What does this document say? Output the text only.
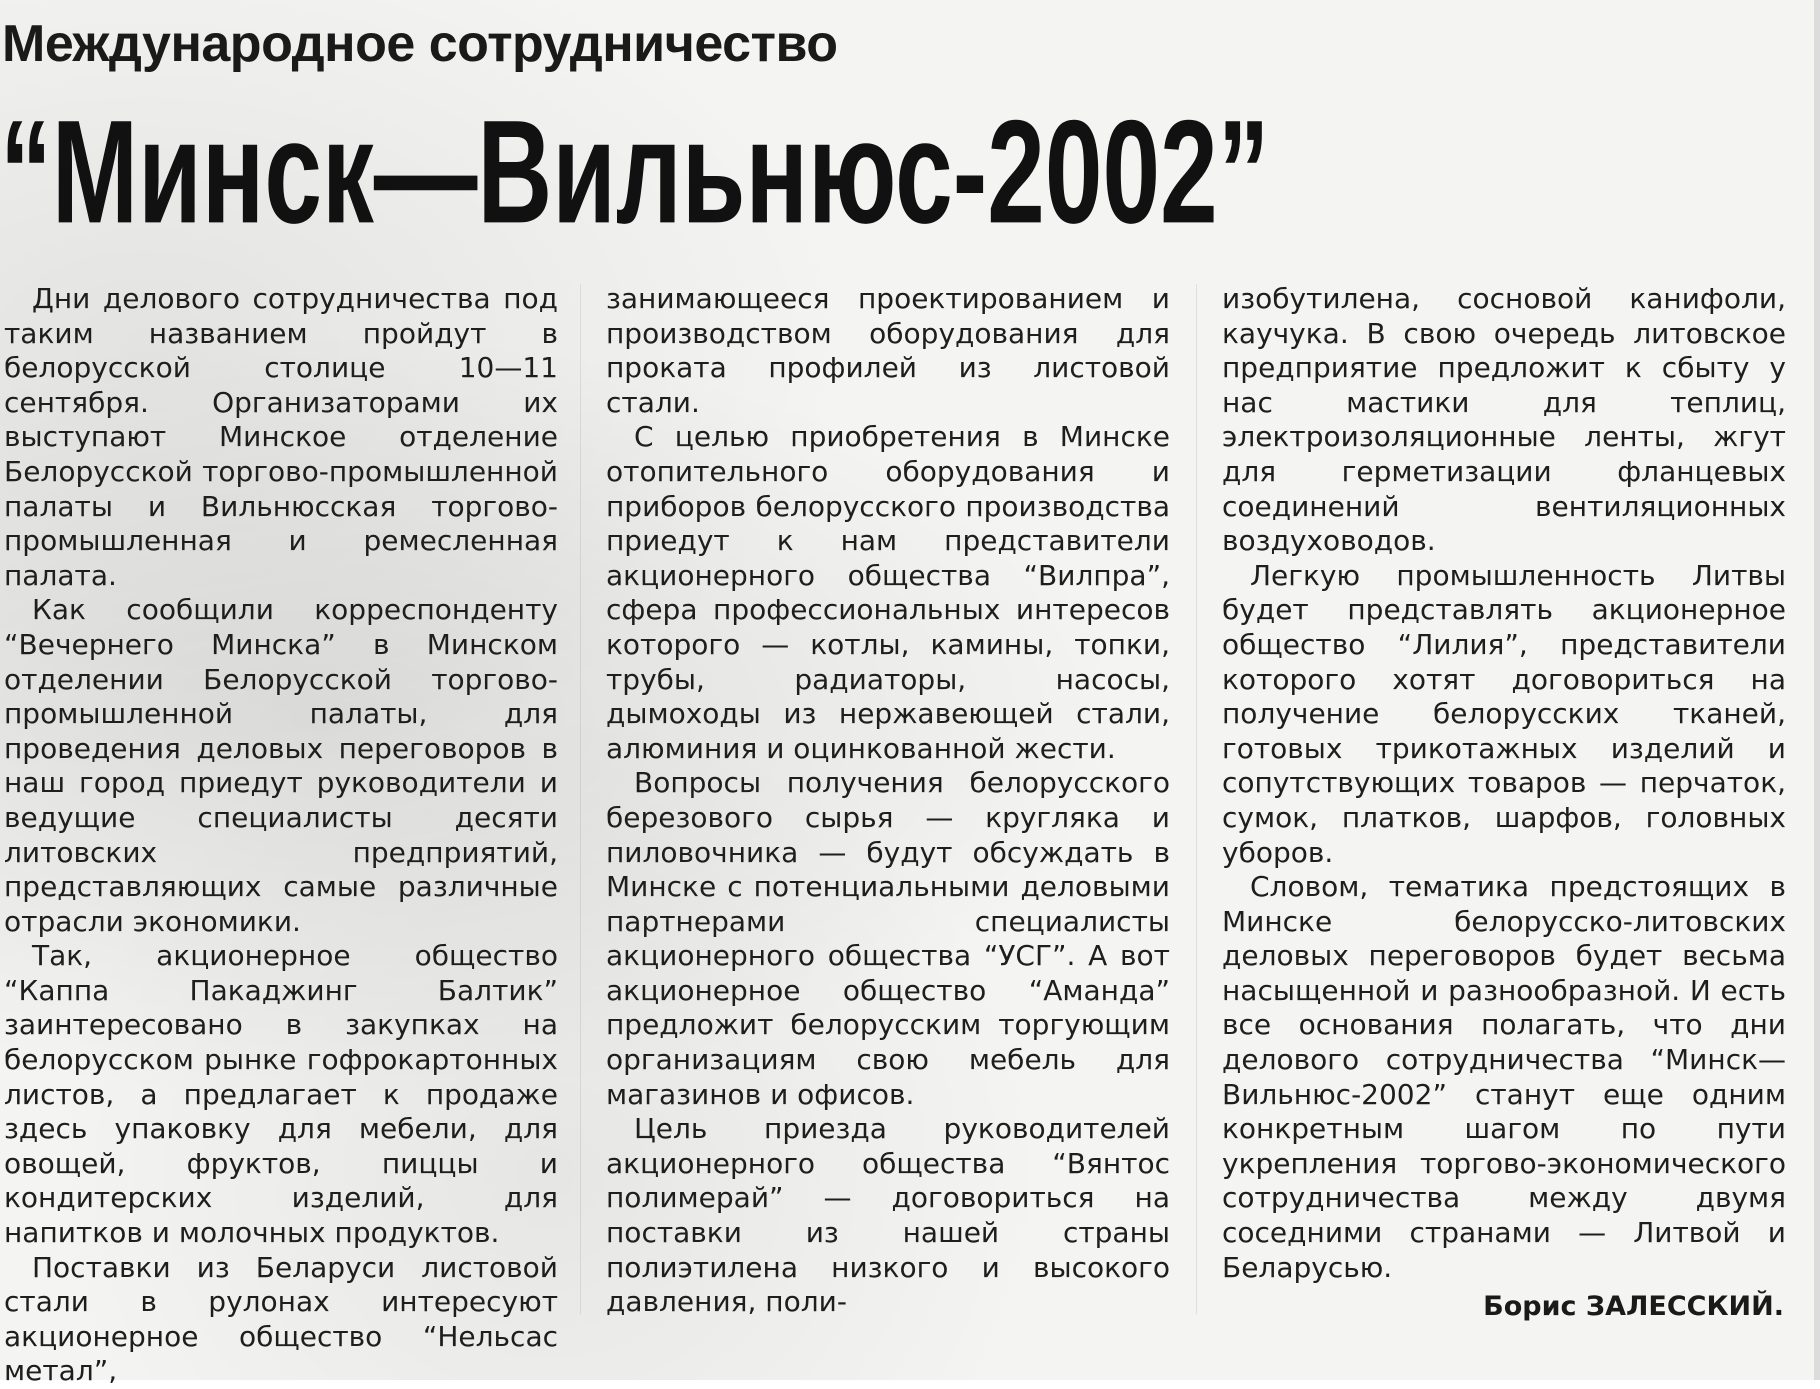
Международное сотрудничество
“Минск—Вильнюс-2002”

Дни делового сотрудничества под таким названием пройдут в белорусской столице 10—11 сентября. Организаторами их выступают Минское отделение Белорусской торгово-промышленной палаты и Вильнюсская торгово-промышленная и ремесленная палата.

Как сообщили корреспонденту “Вечернего Минска” в Минском отделении Белорусской торгово-промышленной палаты, для проведения деловых переговоров в наш город приедут руководители и ведущие специалисты десяти литовских предприятий, представляющих самые различные отрасли экономики.

Так, акционерное общество “Каппа Пакаджинг Балтик” заинтересовано в закупках на белорусском рынке гофрокартонных листов, а предлагает к продаже здесь упаковку для мебели, для овощей, фруктов, пиццы и кондитерских изделий, для напитков и молочных продуктов.

Поставки из Беларуси листовой стали в рулонах интересуют акционерное общество “Нельсас метал”,

занимающееся проектированием и производством оборудования для проката профилей из листовой стали.

С целью приобретения в Минске отопительного оборудования и приборов белорусского производства приедут к нам представители акционерного общества “Вилпра”, сфера профессиональных интересов которого — котлы, камины, топки, трубы, радиаторы, насосы, дымоходы из нержавеющей стали, алюминия и оцинкованной жести.

Вопросы получения белорусского березового сырья — кругляка и пиловочника — будут обсуждать в Минске с потенциальными деловыми партнерами специалисты акционерного общества “УСГ”. А вот акционерное общество “Аманда” предложит белорусским торгующим организациям свою мебель для магазинов и офисов.

Цель приезда руководителей акционерного общества “Вянтос полимерай” — договориться на поставки из нашей страны полиэтилена низкого и высокого давления, поли-

изобутилена, сосновой канифоли, каучука. В свою очередь литовское предприятие предложит к сбыту у нас мастики для теплиц, электроизоляционные ленты, жгут для герметизации фланцевых соединений вентиляционных воздуховодов.

Легкую промышленность Литвы будет представлять акционерное общество “Лилия”, представители которого хотят договориться на получение белорусских тканей, готовых трикотажных изделий и сопутствующих товаров — перчаток, сумок, платков, шарфов, головных уборов.

Словом, тематика предстоящих в Минске белорусско-литовских деловых переговоров будет весьма насыщенной и разнообразной. И есть все основания полагать, что дни делового сотрудничества “Минск—Вильнюс-2002” станут еще одним конкретным шагом по пути укрепления торгово-экономического сотрудничества между двумя соседними странами — Литвой и Беларусью.

Борис ЗАЛЕССКИЙ.
